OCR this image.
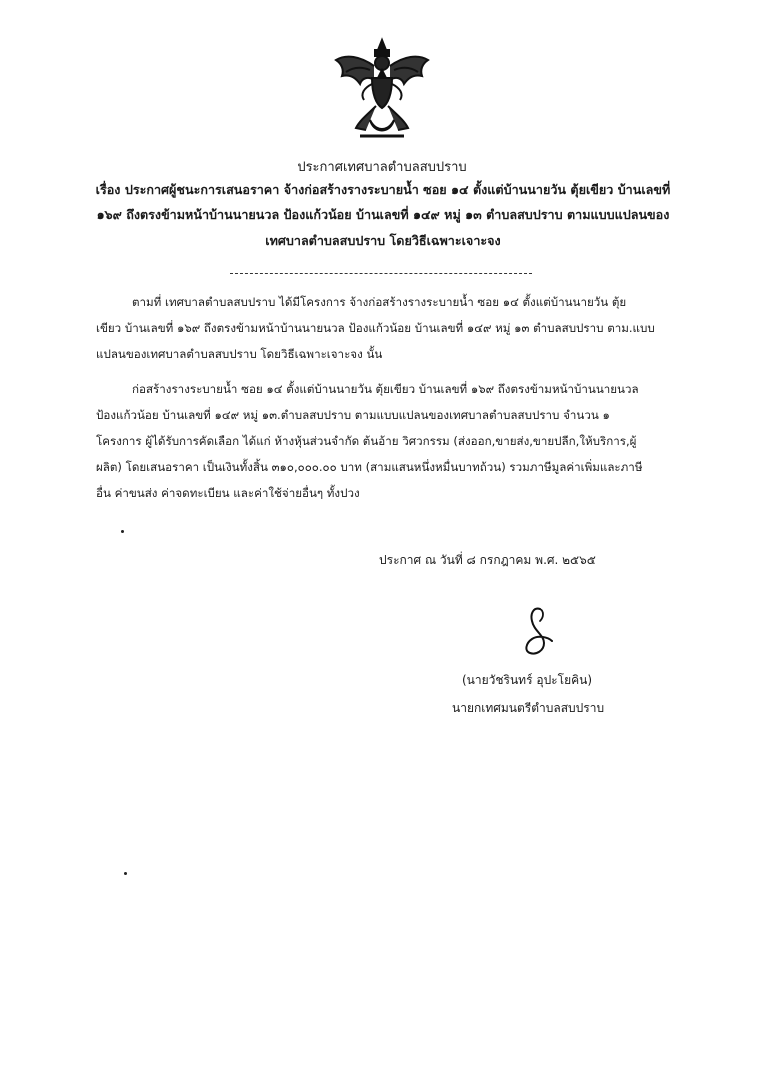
ประกาศเทศบาลตำบลสบปราบ
เรื่อง ประกาศผู้ชนะการเสนอราคา จ้างก่อสร้างรางระบายน้ำ ซอย ๑๔ ตั้งแต่บ้านนายวัน ตุ้ยเขียว บ้านเลขที่
๑๖๙ ถึงตรงข้ามหน้าบ้านนายนวล ป้องแก้วน้อย บ้านเลขที่ ๑๔๙ หมู่ ๑๓ ตำบลสบปราบ ตามแบบแปลนของ
เทศบาลตำบลสบปราบ โดยวิธีเฉพาะเจาะจง
ตามที่ เทศบาลตำบลสบปราบ ได้มีโครงการ จ้างก่อสร้างรางระบายน้ำ ซอย ๑๔ ตั้งแต่บ้านนายวัน ตุ้ย
เขียว บ้านเลขที่ ๑๖๙ ถึงตรงข้ามหน้าบ้านนายนวล ป้องแก้วน้อย บ้านเลขที่ ๑๔๙ หมู่ ๑๓ ตำบลสบปราบ ตาม.แบบ
แปลนของเทศบาลตำบลสบปราบ โดยวิธีเฉพาะเจาะจง นั้น
ก่อสร้างรางระบายน้ำ ซอย ๑๔ ตั้งแต่บ้านนายวัน ตุ้ยเขียว บ้านเลขที่ ๑๖๙ ถึงตรงข้ามหน้าบ้านนายนวล
ป้องแก้วน้อย บ้านเลขที่ ๑๔๙ หมู่ ๑๓.ตำบลสบปราบ ตามแบบแปลนของเทศบาลตำบลสบปราบ จำนวน ๑
โครงการ ผู้ได้รับการคัดเลือก ได้แก่ ห้างหุ้นส่วนจำกัด ต้นอ้าย วิศวกรรม (ส่งออก,ขายส่ง,ขายปลีก,ให้บริการ,ผู้
ผลิต) โดยเสนอราคา เป็นเงินทั้งสิ้น ๓๑๐,๐๐๐.๐๐ บาท (สามแสนหนึ่งหมื่นบาทถ้วน) รวมภาษีมูลค่าเพิ่มและภาษี
อื่น ค่าขนส่ง ค่าจดทะเบียน และค่าใช้จ่ายอื่นๆ ทั้งปวง
ประกาศ ณ วันที่ ๘ กรกฎาคม พ.ศ. ๒๕๖๕
(นายวัชรินทร์ อุปะโยคิน)
นายกเทศมนตรีตำบลสบปราบ
